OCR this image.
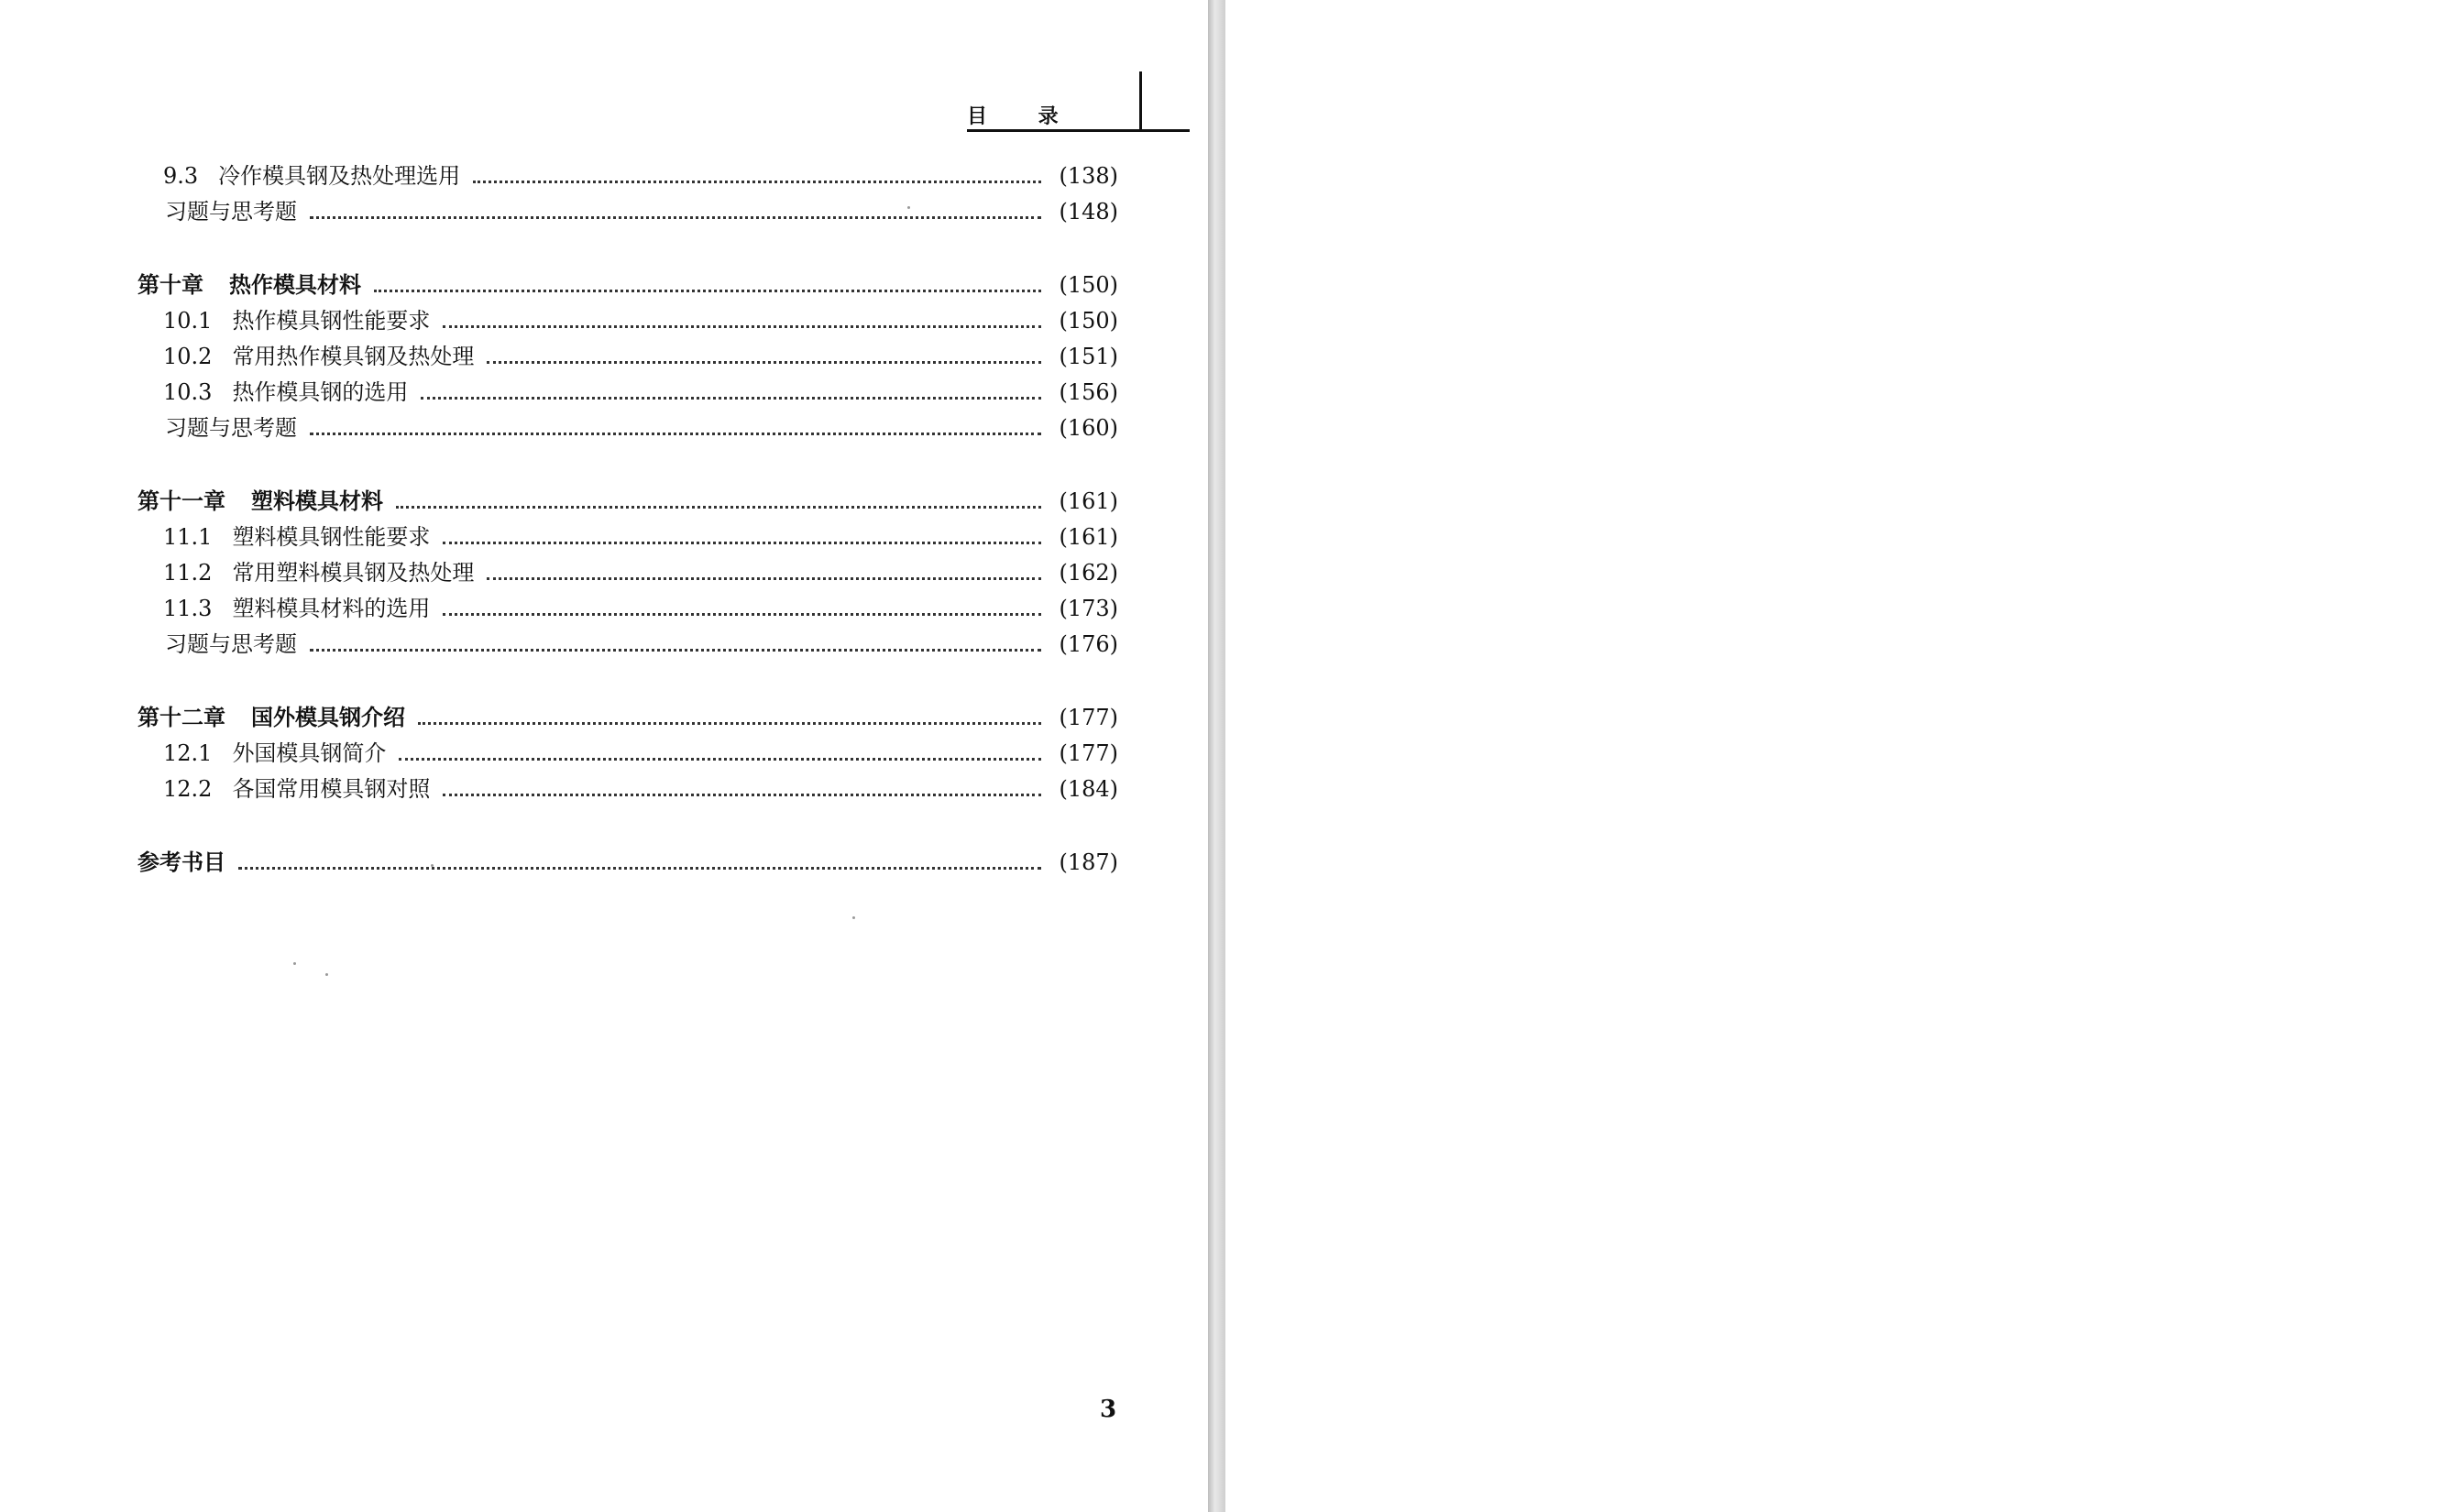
目 录
9.3 冷作模具钢及热处理选用	(138)
习题与思考题	(148)
第十章 热作模具材料	(150)
10.1 热作模具钢性能要求	(150)
10.2 常用热作模具钢及热处理	(151)
10.3 热作模具钢的选用	(156)
习题与思考题	(160)
第十一章 塑料模具材料	(161)
11.1 塑料模具钢性能要求	(161)
11.2 常用塑料模具钢及热处理	(162)
11.3 塑料模具材料的选用	(173)
习题与思考题	(176)
第十二章 国外模具钢介绍	(177)
12.1 外国模具钢简介	(177)
12.2 各国常用模具钢对照	(184)
参考书目	(187)
3
